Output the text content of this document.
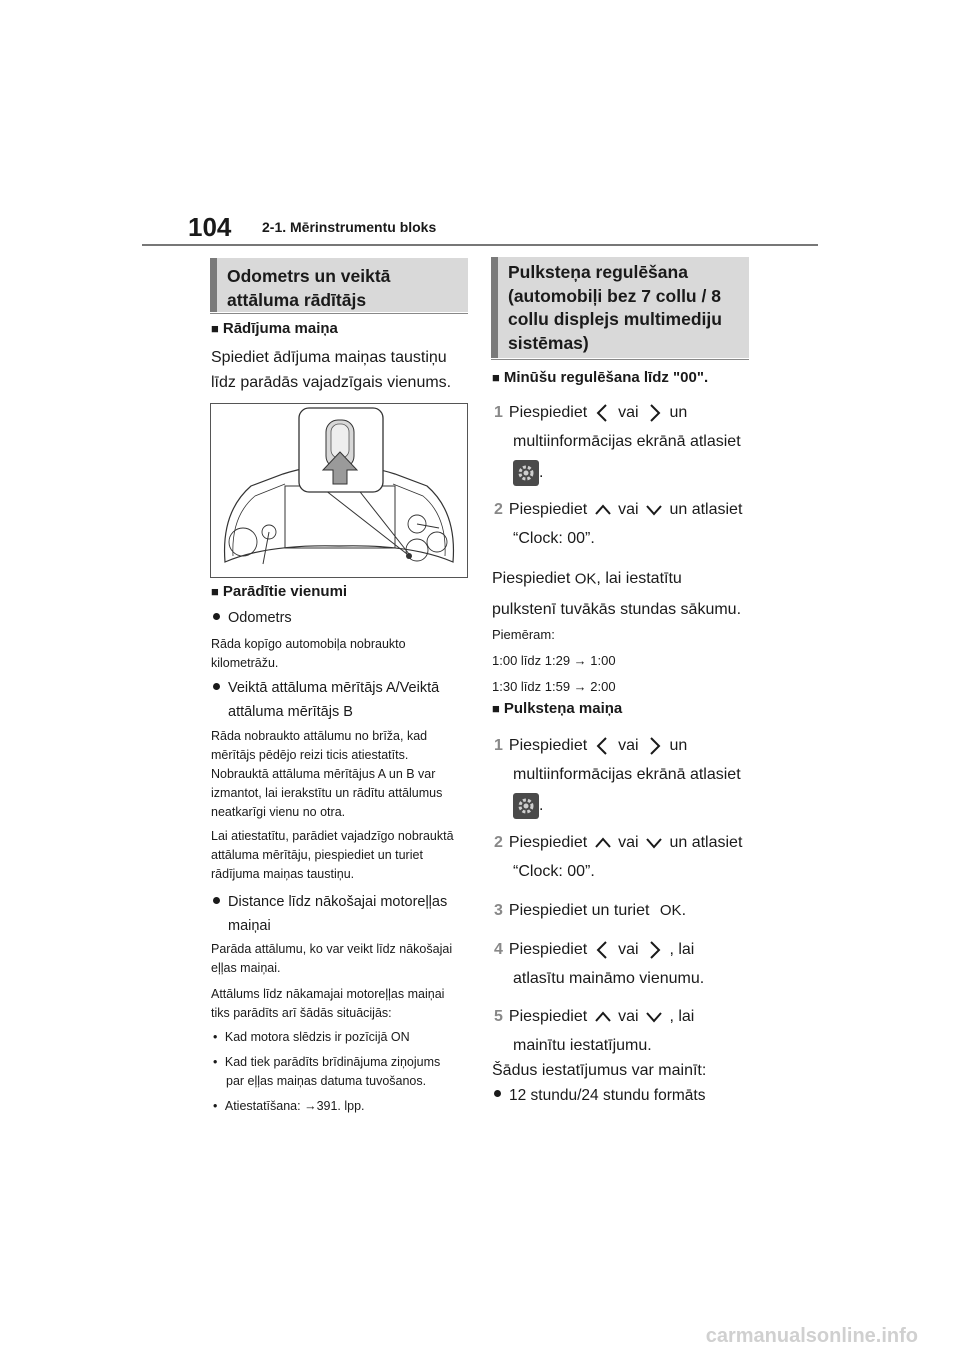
104 2-1. Mērinstrumentu bloks
Odometrs un veiktā
attāluma rādītājs
■ Rādījuma maiņa
Spiediet ādījuma maiņas taustiņu
līdz parādās vajadzīgais vienums.
■ Parādītie vienumi
Odometrs
Rāda kopīgo automobiļa nobraukto
kilometrāžu.
Veiktā attāluma mērītājs A/Veiktā
attāluma mērītājs B
Rāda nobraukto attālumu no brīža, kad
mērītājs pēdējo reizi ticis atiestatīts.
Nobrauktā attāluma mērītājus A un B var
izmantot, lai ierakstītu un rādītu attālumus
neatkarīgi vienu no otra.
Lai atiestatītu, parādiet vajadzīgo nobrauktā
attāluma mērītāju, piespiediet un turiet
rādījuma maiņas taustiņu.
Distance līdz nākošajai motoreļļas
maiņai
Parāda attālumu, ko var veikt līdz nākošajai
eļļas maiņai.
Attālums līdz nākamajai motoreļļas maiņai
tiks parādīts arī šādās situācijās:
• Kad motora slēdzis ir pozīcijā ON
• Kad tiek parādīts brīdinājuma ziņojums
par eļļas maiņas datuma tuvošanos.
• Atiestatīšana: →391. lpp.
Pulksteņa regulēšana
(automobiļi bez 7 collu / 8
collu displejs multimediju
sistēmas)
■ Minūšu regulēšana līdz "00".
1 Piespiediet vai un
multiinformācijas ekrānā atlasiet
.
2 Piespiediet vai un atlasiet
“Clock: 00”.
Piespiediet OK, lai iestatītu
pulkstenī tuvākās stundas sākumu.
Piemēram:
1:00 līdz 1:29 → 1:00
1:30 līdz 1:59 → 2:00
■ Pulksteņa maiņa
1 Piespiediet vai un
multiinformācijas ekrānā atlasiet
.
2 Piespiediet vai un atlasiet
“Clock: 00”.
3 Piespiediet un turiet OK.
4 Piespiediet vai , lai
atlasītu maināmo vienumu.
5 Piespiediet vai , lai
mainītu iestatījumu.
Šādus iestatījumus var mainīt:
12 stundu/24 stundu formāts
carmanualsonline.info
